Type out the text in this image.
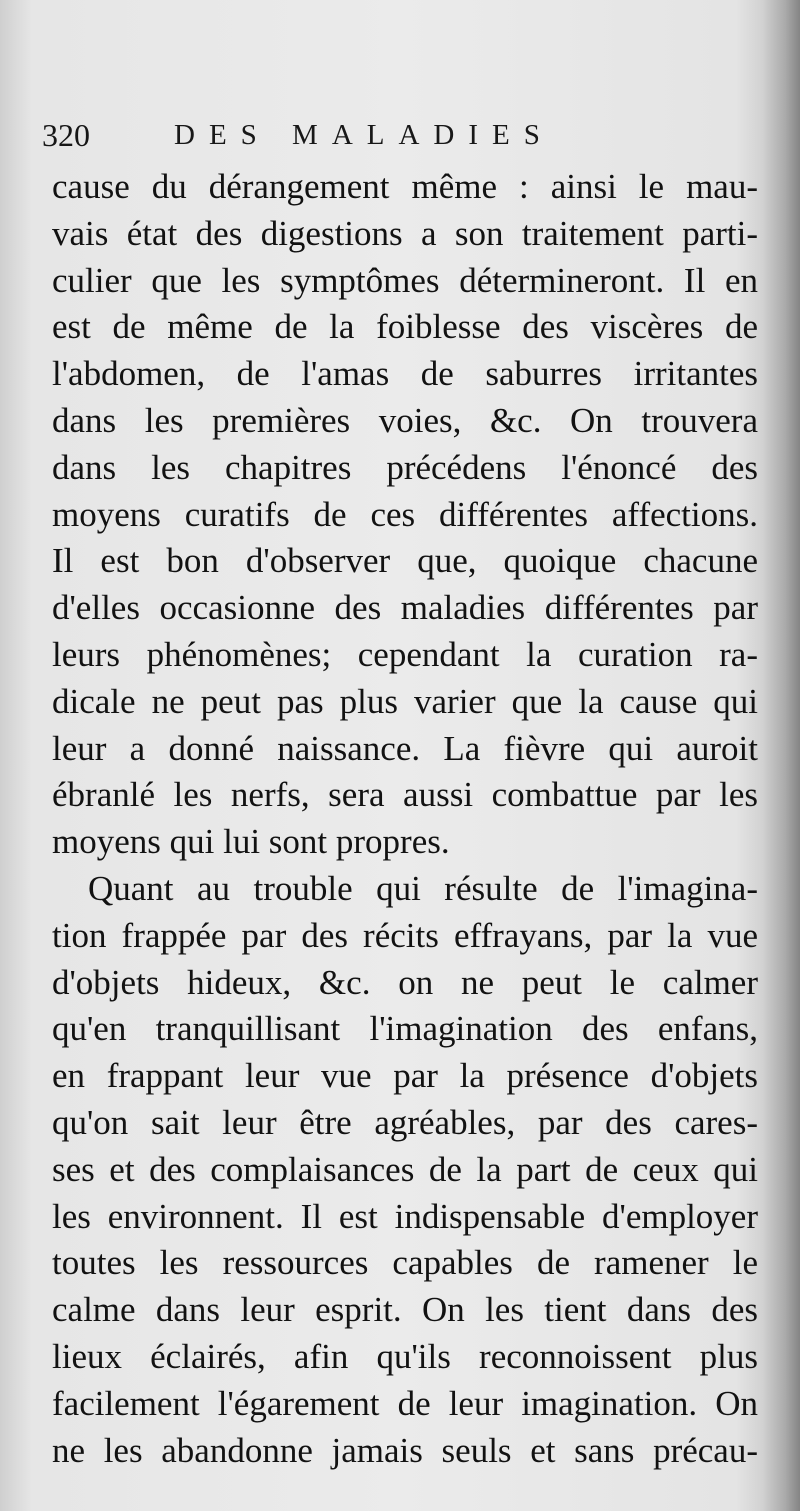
320	DES MALADIES
cause du dérangement même : ainsi le mau-
vais état des digestions a son traitement parti-
culier que les symptômes détermineront. Il en
est de même de la foiblesse des viscères de
l'abdomen, de l'amas de saburres irritantes
dans les premières voies, &c. On trouvera
dans les chapitres précédens l'énoncé des
moyens curatifs de ces différentes affections.
Il est bon d'observer que, quoique chacune
d'elles occasionne des maladies différentes par
leurs phénomènes; cependant la curation ra-
dicale ne peut pas plus varier que la cause qui
leur a donné naissance. La fièvre qui auroit
ébranlé les nerfs, sera aussi combattue par les
moyens qui lui sont propres.
Quant au trouble qui résulte de l'imagina-
tion frappée par des récits effrayans, par la vue
d'objets hideux, &c. on ne peut le calmer
qu'en tranquillisant l'imagination des enfans,
en frappant leur vue par la présence d'objets
qu'on sait leur être agréables, par des cares-
ses et des complaisances de la part de ceux qui
les environnent. Il est indispensable d'employer
toutes les ressources capables de ramener le
calme dans leur esprit. On les tient dans des
lieux éclairés, afin qu'ils reconnoissent plus
facilement l'égarement de leur imagination. On
ne les abandonne jamais seuls et sans précau-
